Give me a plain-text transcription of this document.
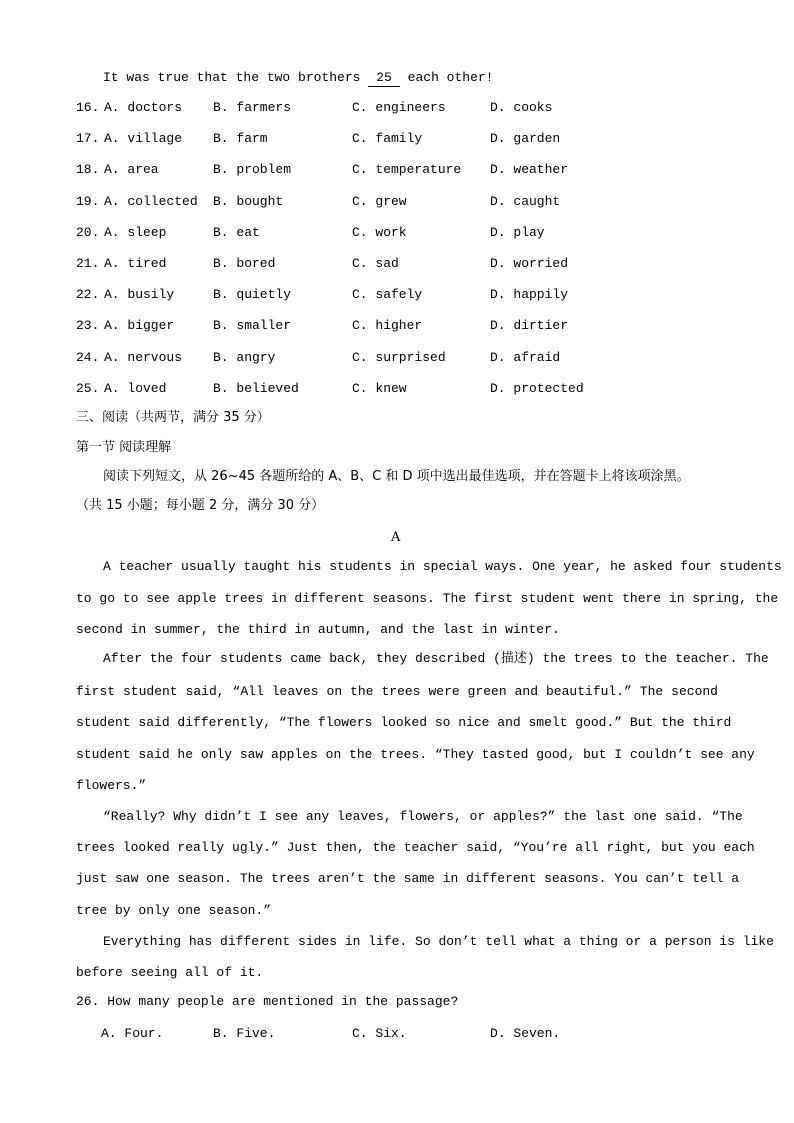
It was true that the two brothers 25 each other!
16. A. doctors B. farmers	C. engineers	D. cooks
17. A. village B. farm	C. family	D. garden
18. A. area	B. problem	C. temperature D. weather
19. A. collected B. bought	C. grew	D. caught
20. A. sleep	B. eat	C. work	D. play
21. A. tired	B. bored	C. sad	D. worried
22. A. busily	B. quietly	C. safely	D. happily
23. A. bigger	B. smaller	C. higher	D. dirtier
24. A. nervous B. angry	C. surprised	D. afraid
25. A. loved	B. believed	C. knew	D. protected
三、阅读（共两节，满分 35 分）
第一节 阅读理解
阅读下列短文，从 26~45 各题所给的 A、B、C 和 D 项中选出最佳选项，并在答题卡上将该项涂黑。
（共 15 小题；每小题 2 分，满分 30 分）
A
A teacher usually taught his students in special ways. One year, he asked four students
to go to see apple trees in different seasons. The first student went there in spring, the
second in summer, the third in autumn, and the last in winter.
After the four students came back, they described (描述) the trees to the teacher. The
first student said, “All leaves on the trees were green and beautiful.” The second
student said differently, “The flowers looked so nice and smelt good.” But the third
student said he only saw apples on the trees. “They tasted good, but I couldn’t see any
flowers.”
“Really? Why didn’t I see any leaves, flowers, or apples?” the last one said. “The
trees looked really ugly.” Just then, the teacher said, “You’re all right, but you each
just saw one season. The trees aren’t the same in different seasons. You can’t tell a
tree by only one season.”
Everything has different sides in life. So don’t tell what a thing or a person is like
before seeing all of it.
26. How many people are mentioned in the passage?
A. Four.	B. Five.	C. Six.	D. Seven.
